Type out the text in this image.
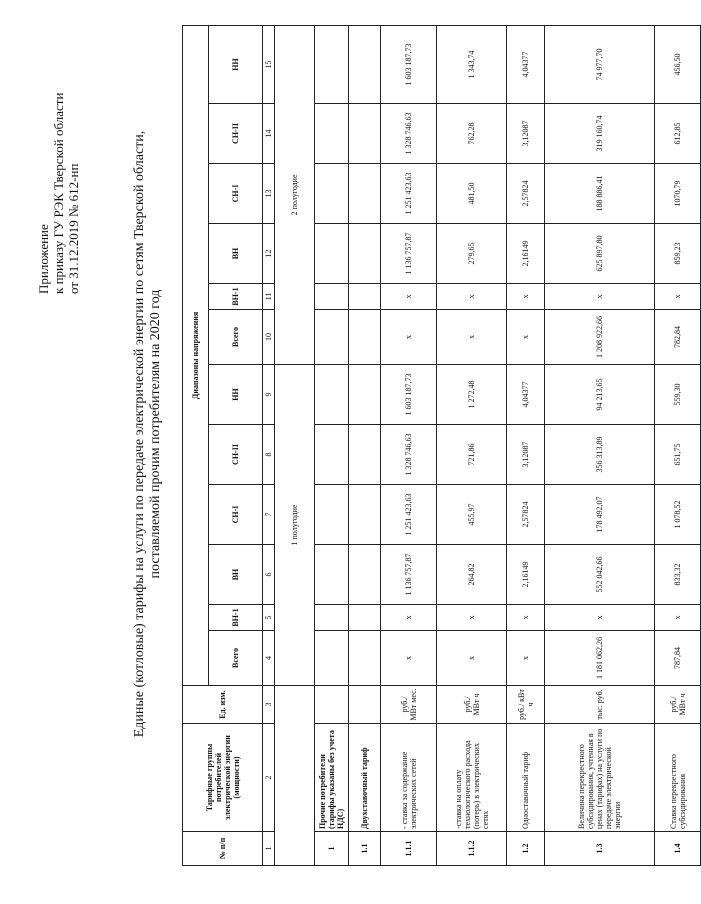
Приложение к приказу ГУ РЭК Тверской области от 31.12.2019 № 612-нп	Единые (котловые) тарифы на услуги по передаче электрической энергии по сетям Тверской области, поставляемой прочим потребителям на 2020 год
№ п/п	Тарифные группы потребителей электрической энергии (мощности)	Ед. изм.	Диапазоны напряжения											
			Всего	ВН-1	ВН	СН-I	СН-II	НН	Всего	ВН-1	ВН	СН-I	СН-II	НН
1	2	3	4	5	6	7	8	9	10	11	12	13	14	15
			1 полугодие						2 полугодие					
1	Прочие потребители (тарифы указаны без учета НДС)													
1.1	Двухставочный тариф													
1.1.1	- ставка за содержание электрических сетей	руб./ МВт мес.	x	x	1 136 757,87	1 251 423,63	1 328 746,63	1 603 187,73	x	x	1 136 757,87	1 251 423,63	1 328 746,63	1 603 187,73
1.1.2	-ставка на оплату технологического расхода (потерь) в электрических сетях	руб./ МВт ч	x	x	264,82	455,97	721,86	1 272,48	x	x	279,65	481,50	762,28	1 343,74
1.2	Одноставочный тариф	руб./ кВт ч	x	x	2,16149	2,57824	3,12087	4,04377	x	x	2,16149	2,57824	3,12087	4,04377
1.3	Величина перекрестного субсидирования, учтенная в ценах (тарифах) на услуги по передаче электрической энергии	тыс. руб.	1 181 062,26	x	552 042,66	178 492,07	356 313,89	94 213,65	1 208 922,66	x	625 897,80	188 886,41	319 160,74	74 977,70
1.4	Ставка перекрестного субсидирования	руб./ МВт ч	787,84	x	833,32	1 078,52	651,75	559,30	782,84	x	859,23	1070,79	612,85	456,50
